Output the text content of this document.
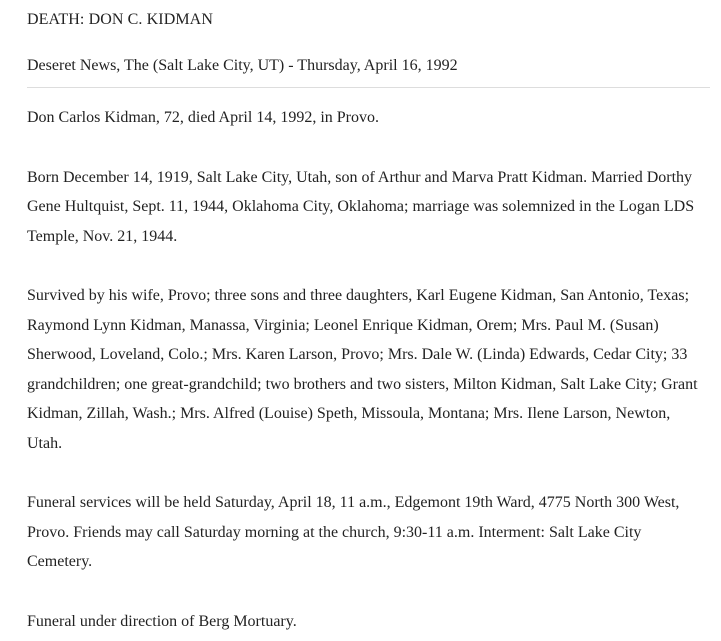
DEATH: DON C. KIDMAN
Deseret News, The (Salt Lake City, UT) - Thursday, April 16, 1992

Don Carlos Kidman, 72, died April 14, 1992, in Provo.

Born December 14, 1919, Salt Lake City, Utah, son of Arthur and Marva Pratt Kidman. Married Dorthy Gene Hultquist, Sept. 11, 1944, Oklahoma City, Oklahoma; marriage was solemnized in the Logan LDS Temple, Nov. 21, 1944.

Survived by his wife, Provo; three sons and three daughters, Karl Eugene Kidman, San Antonio, Texas; Raymond Lynn Kidman, Manassa, Virginia; Leonel Enrique Kidman, Orem; Mrs. Paul M. (Susan) Sherwood, Loveland, Colo.; Mrs. Karen Larson, Provo; Mrs. Dale W. (Linda) Edwards, Cedar City; 33 grandchildren; one great-grandchild; two brothers and two sisters, Milton Kidman, Salt Lake City; Grant Kidman, Zillah, Wash.; Mrs. Alfred (Louise) Speth, Missoula, Montana; Mrs. Ilene Larson, Newton, Utah.

Funeral services will be held Saturday, April 18, 11 a.m., Edgemont 19th Ward, 4775 North 300 West, Provo. Friends may call Saturday morning at the church, 9:30-11 a.m. Interment: Salt Lake City Cemetery.

Funeral under direction of Berg Mortuary.
